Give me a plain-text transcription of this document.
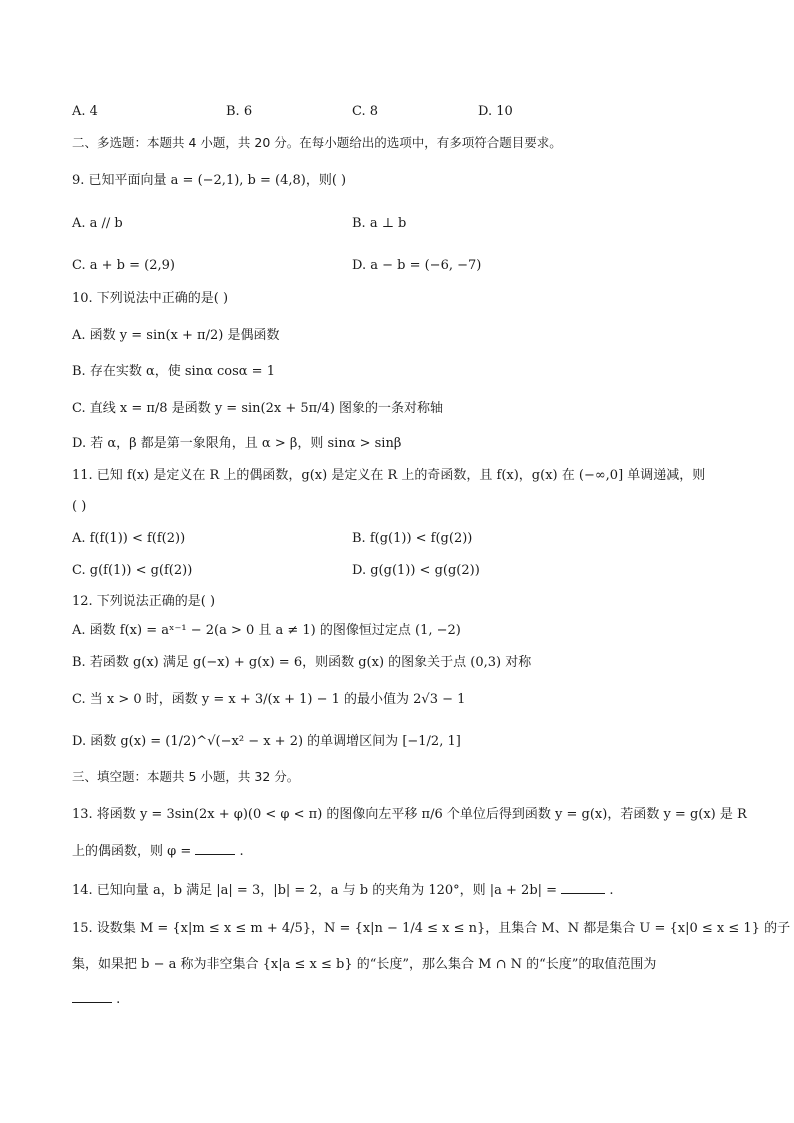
A. 4	B. 6	C. 8	D. 10
二、多选题：本题共 4 小题，共 20 分。在每小题给出的选项中，有多项符合题目要求。
9. 已知平面向量 a = (−2,1), b = (4,8)，则( )
A. a // b	B. a ⊥ b
C. a + b = (2,9)	D. a − b = (−6, −7)
10. 下列说法中正确的是( )
A. 函数 y = sin(x + π/2) 是偶函数
B. 存在实数 α，使 sinα cosα = 1
C. 直线 x = π/8 是函数 y = sin(2x + 5π/4) 图象的一条对称轴
D. 若 α，β 都是第一象限角，且 α > β，则 sinα > sinβ
11. 已知 f(x) 是定义在 R 上的偶函数，g(x) 是定义在 R 上的奇函数，且 f(x)，g(x) 在 (−∞,0] 单调递减，则
( )
A. f(f(1)) < f(f(2))	B. f(g(1)) < f(g(2))
C. g(f(1)) < g(f(2))	D. g(g(1)) < g(g(2))
12. 下列说法正确的是( )
A. 函数 f(x) = aˣ⁻¹ − 2(a > 0 且 a ≠ 1) 的图像恒过定点 (1, −2)
B. 若函数 g(x) 满足 g(−x) + g(x) = 6，则函数 g(x) 的图象关于点 (0,3) 对称
C. 当 x > 0 时，函数 y = x + 3/(x + 1) − 1 的最小值为 2√3 − 1
D. 函数 g(x) = (1/2)^√(−x² − x + 2) 的单调增区间为 [−1/2, 1]
三、填空题：本题共 5 小题，共 32 分。
13. 将函数 y = 3sin(2x + φ)(0 < φ < π) 的图像向左平移 π/6 个单位后得到函数 y = g(x)，若函数 y = g(x) 是 R
上的偶函数，则 φ =	.
14. 已知向量 a，b 满足 |a| = 3，|b| = 2，a 与 b 的夹角为 120°，则 |a + 2b| =	.
15. 设数集 M = {x|m ≤ x ≤ m + 4/5}，N = {x|n − 1/4 ≤ x ≤ n}，且集合 M、N 都是集合 U = {x|0 ≤ x ≤ 1} 的子
集，如果把 b − a 称为非空集合 {x|a ≤ x ≤ b} 的“长度”，那么集合 M ∩ N 的“长度”的取值范围为
.
